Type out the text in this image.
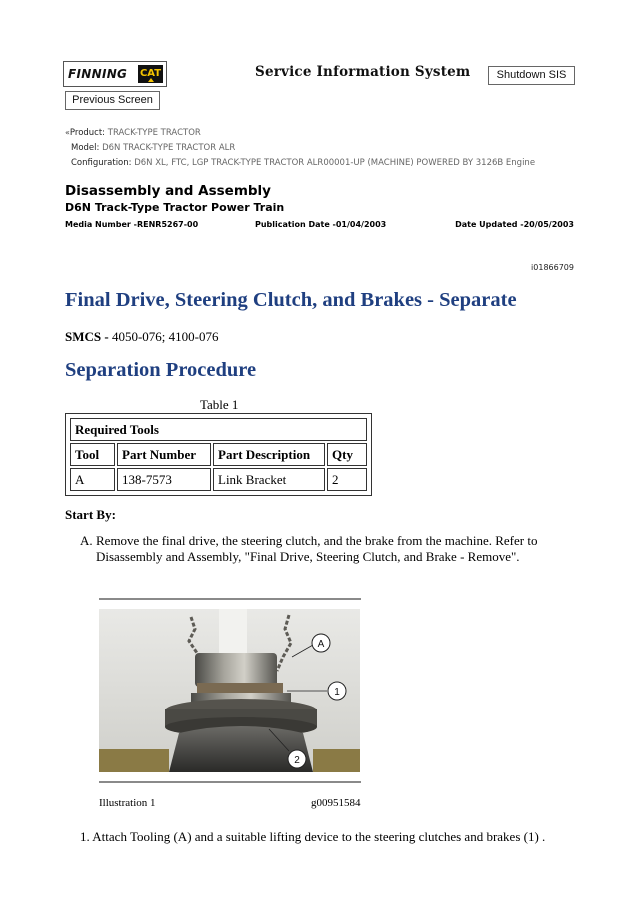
FINNING CAT	Service Information System	Shutdown SIS
Previous Screen
«Product: TRACK-TYPE TRACTOR
Model: D6N TRACK-TYPE TRACTOR ALR
Configuration: D6N XL, FTC, LGP TRACK-TYPE TRACTOR ALR00001-UP (MACHINE) POWERED BY 3126B Engine
Disassembly and Assembly
D6N Track-Type Tractor Power Train
Media Number -RENR5267-00	Publication Date -01/04/2003	Date Updated -20/05/2003
i01866709
Final Drive, Steering Clutch, and Brakes - Separate
SMCS - 4050-076; 4100-076
Separation Procedure
Table 1
Required Tools			
Tool	Part Number	Part Description	Qty
A	138-7573	Link Bracket	2
Start By:
A. Remove the final drive, the steering clutch, and the brake from the machine. Refer to Disassembly and Assembly, "Final Drive, Steering Clutch, and Brake - Remove".
A
1
2
Illustration 1	g00951584
1. Attach Tooling (A) and a suitable lifting device to the steering clutches and brakes (1) .
